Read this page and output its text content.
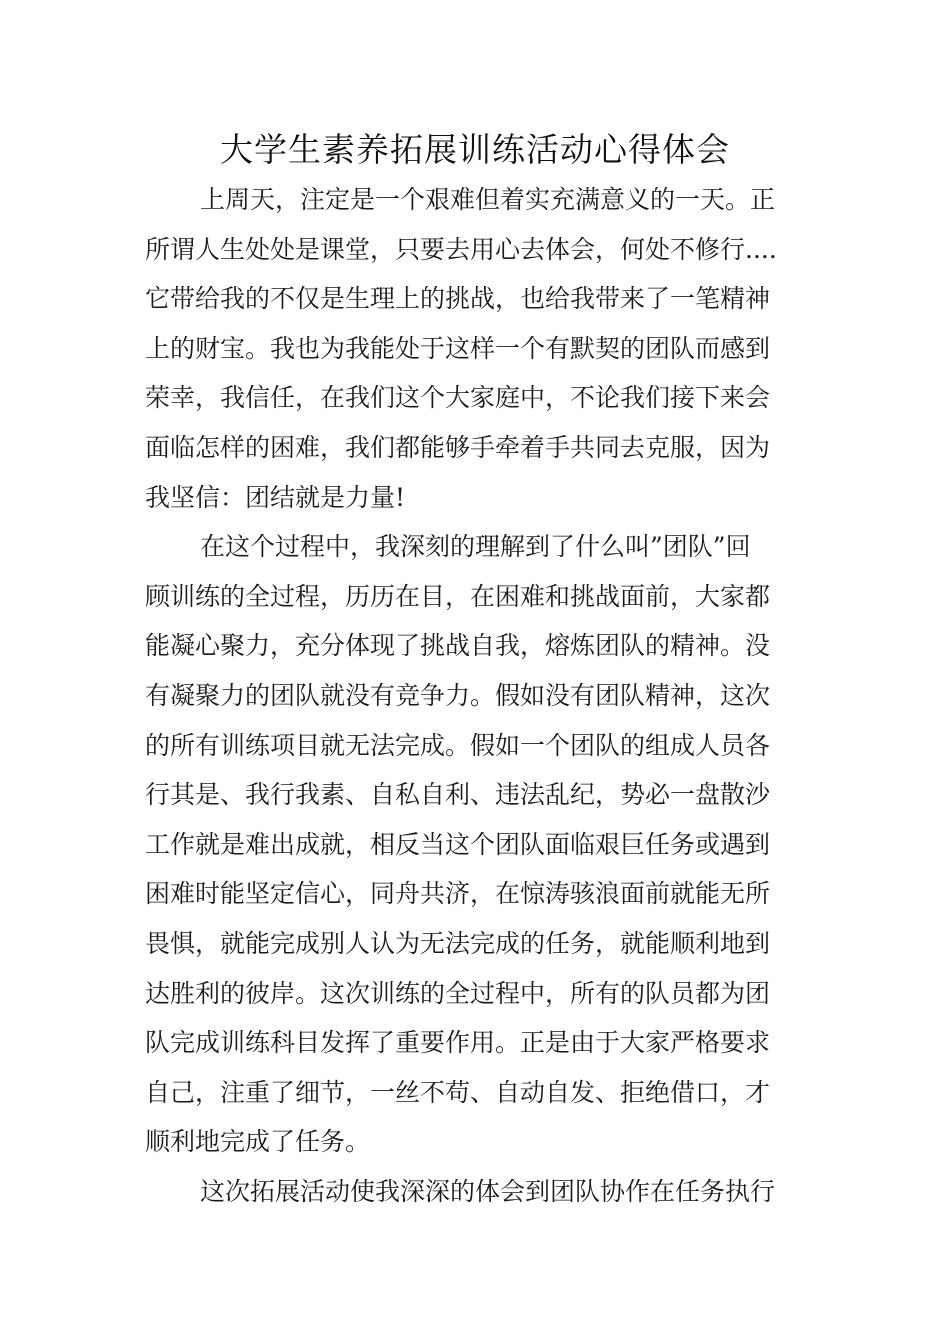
大学生素养拓展训练活动心得体会
上周天，注定是一个艰难但着实充满意义的一天。正
所谓人生处处是课堂，只要去用心去体会，何处不修行....
它带给我的不仅是生理上的挑战，也给我带来了一笔精神
上的财宝。我也为我能处于这样一个有默契的团队而感到
荣幸，我信任，在我们这个大家庭中，不论我们接下来会
面临怎样的困难，我们都能够手牵着手共同去克服，因为
我坚信：团结就是力量!
在这个过程中，我深刻的理解到了什么叫”团队”回
顾训练的全过程，历历在目，在困难和挑战面前，大家都
能凝心聚力，充分体现了挑战自我，熔炼团队的精神。没
有凝聚力的团队就没有竞争力。假如没有团队精神，这次
的所有训练项目就无法完成。假如一个团队的组成人员各
行其是、我行我素、自私自利、违法乱纪，势必一盘散沙
工作就是难出成就，相反当这个团队面临艰巨任务或遇到
困难时能坚定信心，同舟共济，在惊涛骇浪面前就能无所
畏惧，就能完成别人认为无法完成的任务，就能顺利地到
达胜利的彼岸。这次训练的全过程中，所有的队员都为团
队完成训练科目发挥了重要作用。正是由于大家严格要求
自己，注重了细节，一丝不苟、自动自发、拒绝借口，才
顺利地完成了任务。
这次拓展活动使我深深的体会到团队协作在任务执行
